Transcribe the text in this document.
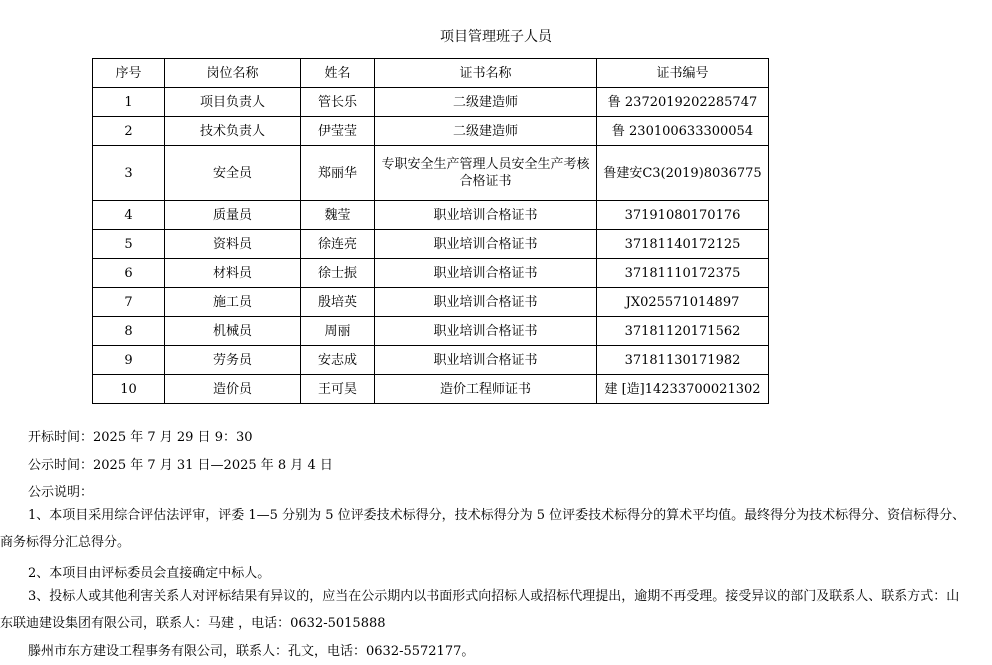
项目管理班子人员
序号	岗位名称	姓名	证书名称	证书编号
1	项目负责人	管长乐	二级建造师	鲁 2372019202285747
2	技术负责人	伊莹莹	二级建造师	鲁 230100633300054
3	安全员	郑丽华	专职安全生产管理人员安全生产考核合格证书	鲁建安C3(2019)8036775
4	质量员	魏莹	职业培训合格证书	37191080170176
5	资料员	徐连亮	职业培训合格证书	37181140172125
6	材料员	徐士振	职业培训合格证书	37181110172375
7	施工员	殷培英	职业培训合格证书	JX025571014897
8	机械员	周丽	职业培训合格证书	37181120171562
9	劳务员	安志成	职业培训合格证书	37181130171982
10	造价员	王可昊	造价工程师证书	建 [造]14233700021302
开标时间：2025 年 7 月 29 日 9：30
公示时间：2025 年 7 月 31 日—2025 年 8 月 4 日
公示说明：
1、本项目采用综合评估法评审，评委 1—5 分别为 5 位评委技术标得分，技术标得分为 5 位评委技术标得分的算术平均值。最终得分为技术标得分、资信标得分、商务标得分汇总得分。
2、本项目由评标委员会直接确定中标人。
3、投标人或其他利害关系人对评标结果有异议的，应当在公示期内以书面形式向招标人或招标代理提出，逾期不再受理。接受异议的部门及联系人、联系方式：山东联迪建设集团有限公司，联系人：马建 ，电话：0632-5015888
滕州市东方建设工程事务有限公司，联系人：孔文，电话：0632-5572177。
